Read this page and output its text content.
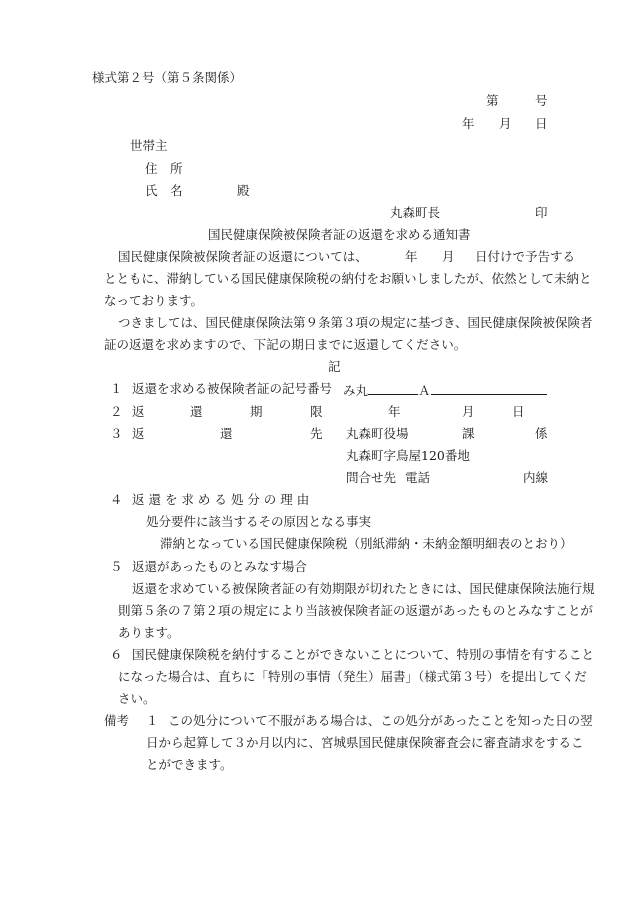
様式第２号（第５条関係）
第	号
年 月 日
世帯主
住　所
氏　名	殿
丸森町長	印
国民健康保険被保険者証の返還を求める通知書
国民健康保険被保険者証の返還については、	年 月 日付けで予告する
とともに、滞納している国民健康保険税の納付をお願いしましたが、依然として未納と
なっております。
つきましては、国民健康保険法第９条第３項の規定に基づき、国民健康保険被保険者
証の返還を求めますので、下記の期日までに返還してください。
記
１ 返還を求める被保険者証の記号番号 み丸	Ａ
２ 返	還	期	限	年	月	日
３ 返	還	先 丸森町役場	課	係
丸森町字鳥屋120番地
問合せ先 電話	内線
４ 返 還 を 求 め る 処 分 の 理 由
処分要件に該当するその原因となる事実
滞納となっている国民健康保険税（別紙滞納・未納金額明細表のとおり）
５ 返還があったものとみなす場合
返還を求めている被保険者証の有効期限が切れたときには、国民健康保険法施行規
則第５条の７第２項の規定により当該被保険者証の返還があったものとみなすことが
あります。
６ 国民健康保険税を納付することができないことについて、特別の事情を有すること
になった場合は、直ちに「特別の事情（発生）届書」（様式第３号）を提出してくだ
さい。
備考 １ この処分について不服がある場合は、この処分があったことを知った日の翌
日から起算して３か月以内に、宮城県国民健康保険審査会に審査請求をするこ
とができます。
